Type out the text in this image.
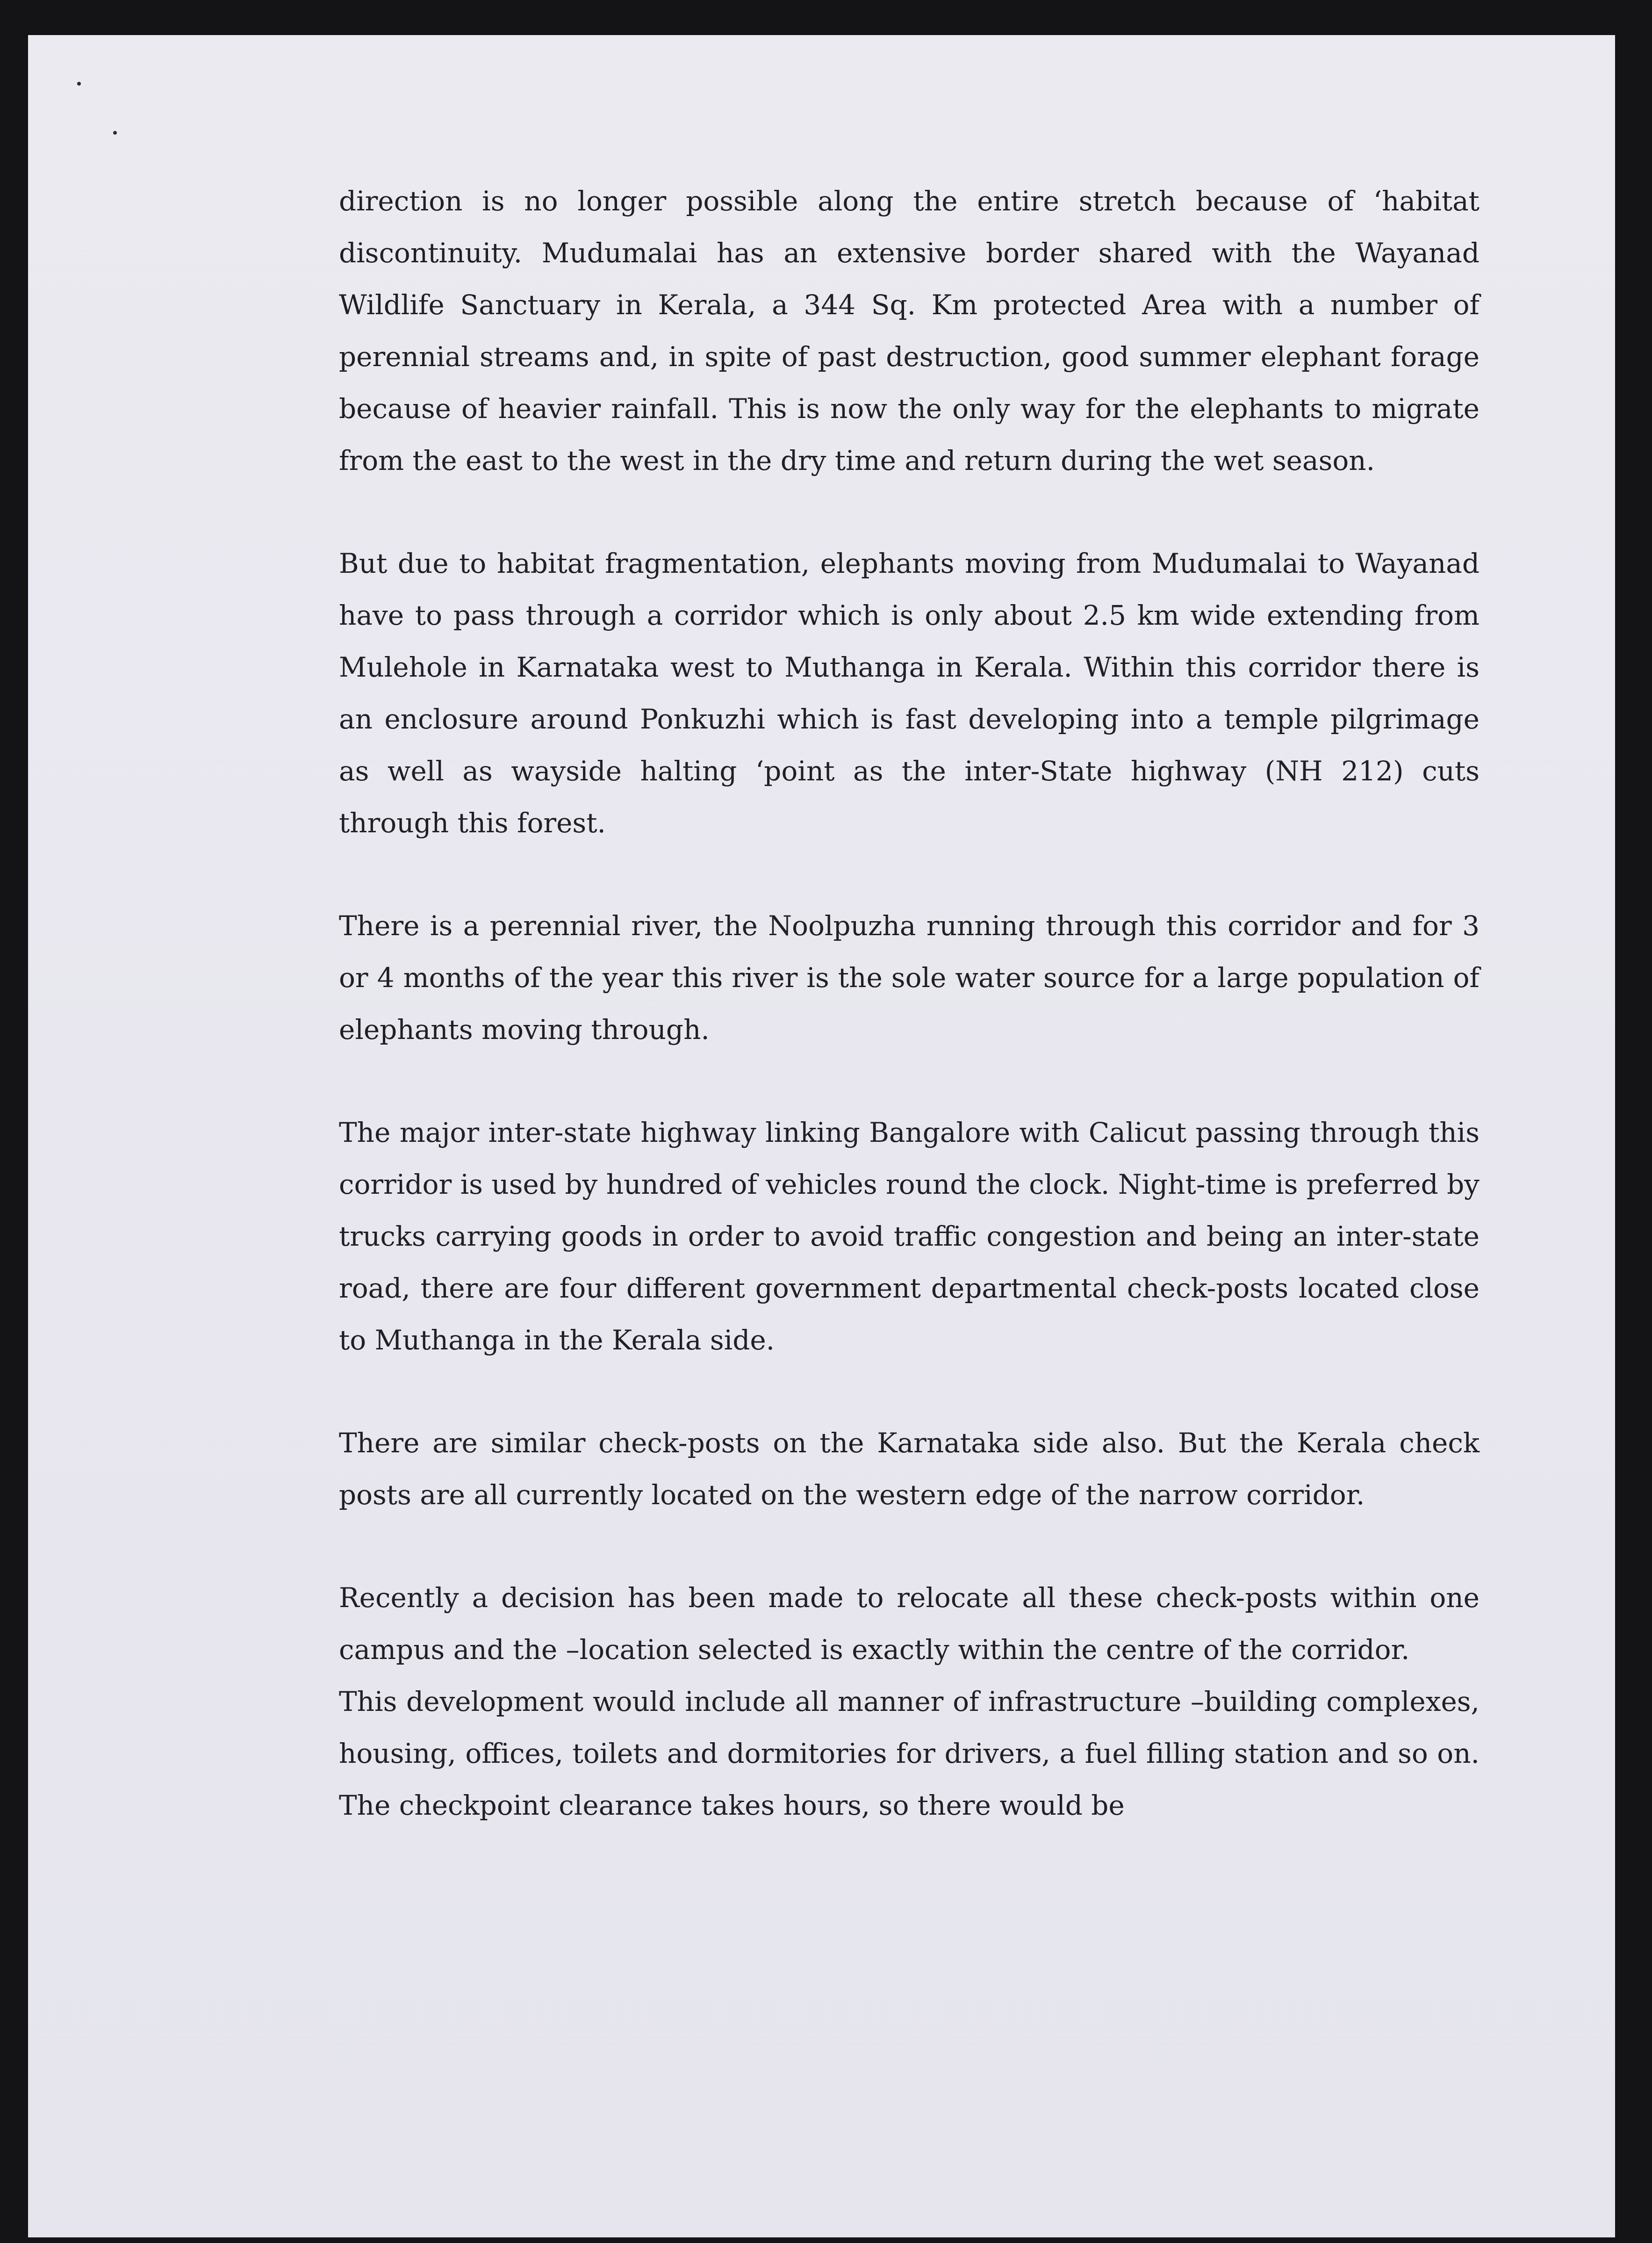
direction is no longer possible along the entire stretch because of ‘habitat discontinuity. Mudumalai has an extensive border shared with the Wayanad Wildlife Sanctuary in Kerala, a 344 Sq. Km protected Area with a number of perennial streams and, in spite of past destruction, good summer elephant forage because of heavier rainfall. This is now the only way for the elephants to migrate from the east to the west in the dry time and return during the wet season.

But due to habitat fragmentation, elephants moving from Mudumalai to Wayanad have to pass through a corridor which is only about 2.5 km wide extending from Mulehole in Karnataka west to Muthanga in Kerala. Within this corridor there is an enclosure around Ponkuzhi which is fast developing into a temple pilgrimage as well as wayside halting ‘point as the inter-State highway (NH 212) cuts through this forest.

There is a perennial river, the Noolpuzha running through this corridor and for 3 or 4 months of the year this river is the sole water source for a large population of elephants moving through.

The major inter-state highway linking Bangalore with Calicut passing through this corridor is used by hundred of vehicles round the clock. Night-time is preferred by trucks carrying goods in order to avoid traffic congestion and being an inter-state road, there are four different government departmental check-posts located close to Muthanga in the Kerala side.

There are similar check-posts on the Karnataka side also. But the Kerala check posts are all currently located on the western edge of the narrow corridor.

Recently a decision has been made to relocate all these check-posts within one campus and the –location selected is exactly within the centre of the corridor.

This development would include all manner of infrastructure –building complexes, housing, offices, toilets and dormitories for drivers, a fuel filling station and so on. The checkpoint clearance takes hours, so there would be
